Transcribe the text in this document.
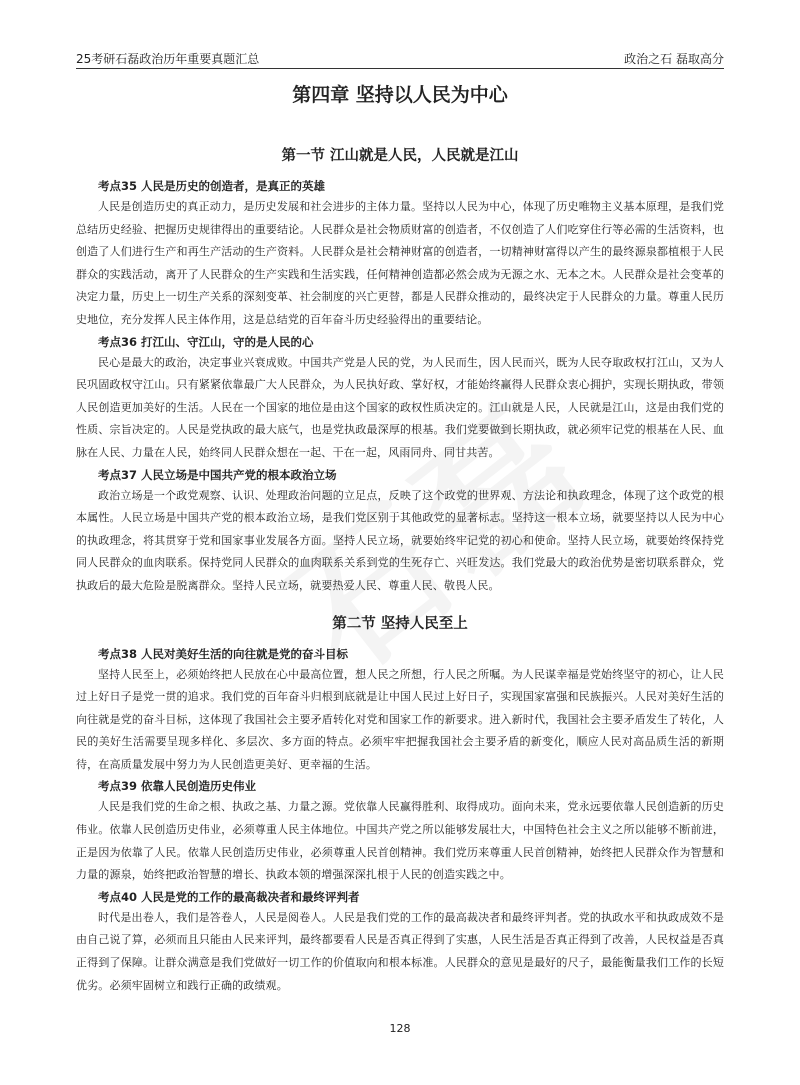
25考研石磊政治历年重要真题汇总	政治之石 磊取高分
第四章 坚持以人民为中心
第一节 江山就是人民，人民就是江山
考点35 人民是历史的创造者，是真正的英雄

人民是创造历史的真正动力，是历史发展和社会进步的主体力量。坚持以人民为中心，体现了历史唯物主义基本原理，是我们党总结历史经验、把握历史规律得出的重要结论。人民群众是社会物质财富的创造者，不仅创造了人们吃穿住行等必需的生活资料，也创造了人们进行生产和再生产活动的生产资料。人民群众是社会精神财富的创造者，一切精神财富得以产生的最终源泉都植根于人民群众的实践活动，离开了人民群众的生产实践和生活实践，任何精神创造都必然会成为无源之水、无本之木。人民群众是社会变革的决定力量，历史上一切生产关系的深刻变革、社会制度的兴亡更替，都是人民群众推动的，最终决定于人民群众的力量。尊重人民历史地位，充分发挥人民主体作用，这是总结党的百年奋斗历史经验得出的重要结论。

考点36 打江山、守江山，守的是人民的心

民心是最大的政治，决定事业兴衰成败。中国共产党是人民的党，为人民而生，因人民而兴，既为人民夺取政权打江山，又为人民巩固政权守江山。只有紧紧依靠最广大人民群众，为人民执好政、掌好权，才能始终赢得人民群众衷心拥护，实现长期执政，带领人民创造更加美好的生活。人民在一个国家的地位是由这个国家的政权性质决定的。江山就是人民，人民就是江山，这是由我们党的性质、宗旨决定的。人民是党执政的最大底气，也是党执政最深厚的根基。我们党要做到长期执政，就必须牢记党的根基在人民、血脉在人民、力量在人民，始终同人民群众想在一起、干在一起，风雨同舟、同甘共苦。

考点37 人民立场是中国共产党的根本政治立场

政治立场是一个政党观察、认识、处理政治问题的立足点，反映了这个政党的世界观、方法论和执政理念，体现了这个政党的根本属性。人民立场是中国共产党的根本政治立场，是我们党区别于其他政党的显著标志。坚持这一根本立场，就要坚持以人民为中心的执政理念，将其贯穿于党和国家事业发展各方面。坚持人民立场，就要始终牢记党的初心和使命。坚持人民立场，就要始终保持党同人民群众的血肉联系。保持党同人民群众的血肉联系关系到党的生死存亡、兴旺发达。我们党最大的政治优势是密切联系群众，党执政后的最大危险是脱离群众。坚持人民立场，就要热爱人民、尊重人民、敬畏人民。

第二节 坚持人民至上
考点38 人民对美好生活的向往就是党的奋斗目标

坚持人民至上，必须始终把人民放在心中最高位置，想人民之所想，行人民之所嘱。为人民谋幸福是党始终坚守的初心，让人民过上好日子是党一贯的追求。我们党的百年奋斗归根到底就是让中国人民过上好日子，实现国家富强和民族振兴。人民对美好生活的向往就是党的奋斗目标，这体现了我国社会主要矛盾转化对党和国家工作的新要求。进入新时代，我国社会主要矛盾发生了转化，人民的美好生活需要呈现多样化、多层次、多方面的特点。必须牢牢把握我国社会主要矛盾的新变化，顺应人民对高品质生活的新期待，在高质量发展中努力为人民创造更美好、更幸福的生活。

考点39 依靠人民创造历史伟业

人民是我们党的生命之根、执政之基、力量之源。党依靠人民赢得胜利、取得成功。面向未来，党永远要依靠人民创造新的历史伟业。依靠人民创造历史伟业，必须尊重人民主体地位。中国共产党之所以能够发展壮大，中国特色社会主义之所以能够不断前进，正是因为依靠了人民。依靠人民创造历史伟业，必须尊重人民首创精神。我们党历来尊重人民首创精神，始终把人民群众作为智慧和力量的源泉，始终把政治智慧的增长、执政本领的增强深深扎根于人民的创造实践之中。

考点40 人民是党的工作的最高裁决者和最终评判者

时代是出卷人，我们是答卷人，人民是阅卷人。人民是我们党的工作的最高裁决者和最终评判者。党的执政水平和执政成效不是由自己说了算，必须而且只能由人民来评判，最终都要看人民是否真正得到了实惠，人民生活是否真正得到了改善，人民权益是否真正得到了保障。让群众满意是我们党做好一切工作的价值取向和根本标准。人民群众的意见是最好的尺子，最能衡量我们工作的长短优劣。必须牢固树立和践行正确的政绩观。

128
